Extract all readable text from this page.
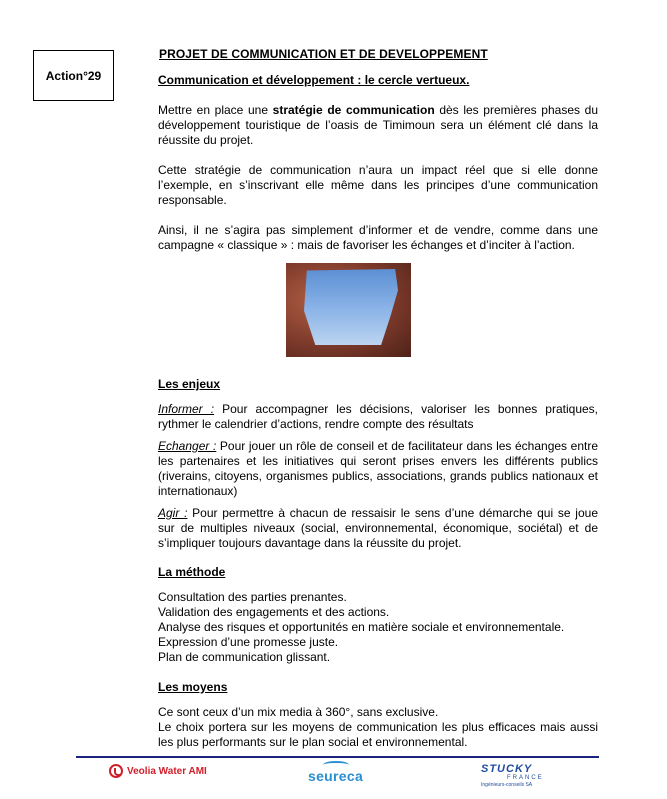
Action°29
PROJET DE COMMUNICATION ET DE DEVELOPPEMENT
Communication et développement : le cercle vertueux.

Mettre en place une stratégie de communication dès les premières phases du développement touristique de l’oasis de Timimoun sera un élément clé dans la réussite du projet.

Cette stratégie de communication n’aura un impact réel que si elle donne l’exemple, en s’inscrivant elle même dans les principes d’une communication responsable.

Ainsi, il ne s’agira pas simplement d’informer et de vendre, comme dans une campagne « classique » : mais de favoriser les échanges et d’inciter à l’action.

Les enjeux

Informer : Pour accompagner les décisions, valoriser les bonnes pratiques, rythmer le calendrier d’actions, rendre compte des résultats

Echanger : Pour jouer un rôle de conseil et de facilitateur dans les échanges entre les partenaires et les initiatives qui seront prises envers les différents publics (riverains, citoyens, organismes publics, associations, grands publics nationaux et internationaux)

Agir : Pour permettre à chacun de ressaisir le sens d’une démarche qui se joue sur de multiples niveaux (social, environnemental, économique, sociétal) et de s’impliquer toujours davantage dans la réussite du projet.

La méthode
Consultation des parties prenantes.
Validation des engagements et des actions.
Analyse des risques et opportunités en matière sociale et environnementale.
Expression d’une promesse juste.
Plan de communication glissant.
Les moyens

Ce sont ceux d’un mix media à 360°, sans exclusive.

Le choix portera sur les moyens de communication les plus efficaces mais aussi les plus performants sur le plan social et environnemental.

Veolia Water AMI	seureca	STUCKY
FRANCE
Ingénieurs-conseils SA
